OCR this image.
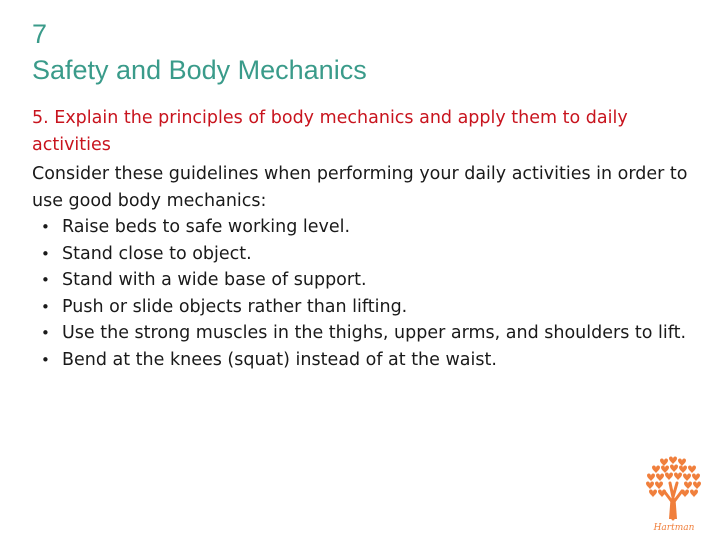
7
Safety and Body Mechanics

5. Explain the principles of body mechanics and apply them to daily activities

Consider these guidelines when performing your daily activities in order to use good body mechanics:

• Raise beds to safe working level.
• Stand close to object.
• Stand with a wide base of support.
• Push or slide objects rather than lifting.
• Use the strong muscles in the thighs, upper arms, and shoulders to lift.
• Bend at the knees (squat) instead of at the waist.
Hartman
